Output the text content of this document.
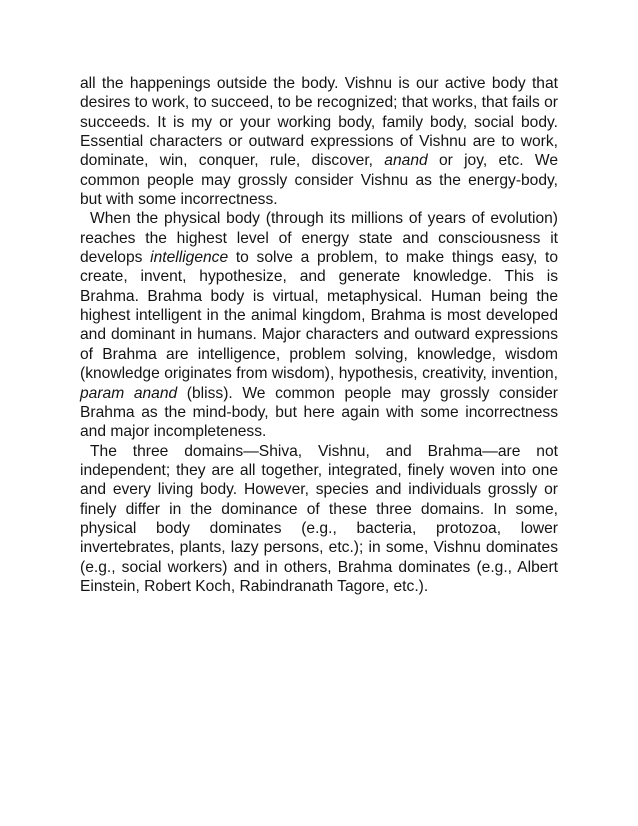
all the happenings outside the body. Vishnu is our active body that desires to work, to succeed, to be recognized; that works, that fails or succeeds. It is my or your working body, family body, social body. Essential characters or outward expressions of Vishnu are to work, dominate, win, conquer, rule, discover, anand or joy, etc. We common people may grossly consider Vishnu as the energy-body, but with some incorrectness.

When the physical body (through its millions of years of evolution) reaches the highest level of energy state and consciousness it develops intelligence to solve a problem, to make things easy, to create, invent, hypothesize, and generate knowledge. This is Brahma. Brahma body is virtual, metaphysical. Human being the highest intelligent in the animal kingdom, Brahma is most developed and dominant in humans. Major characters and outward expressions of Brahma are intelligence, problem solving, knowledge, wisdom (knowledge originates from wisdom), hypothesis, creativity, invention, param anand (bliss). We common people may grossly consider Brahma as the mind-body, but here again with some incorrectness and major incompleteness.

The three domains—Shiva, Vishnu, and Brahma—are not independent; they are all together, integrated, finely woven into one and every living body. However, species and individuals grossly or finely differ in the dominance of these three domains. In some, physical body dominates (e.g., bacteria, protozoa, lower invertebrates, plants, lazy persons, etc.); in some, Vishnu dominates (e.g., social workers) and in others, Brahma dominates (e.g., Albert Einstein, Robert Koch, Rabindranath Tagore, etc.).
